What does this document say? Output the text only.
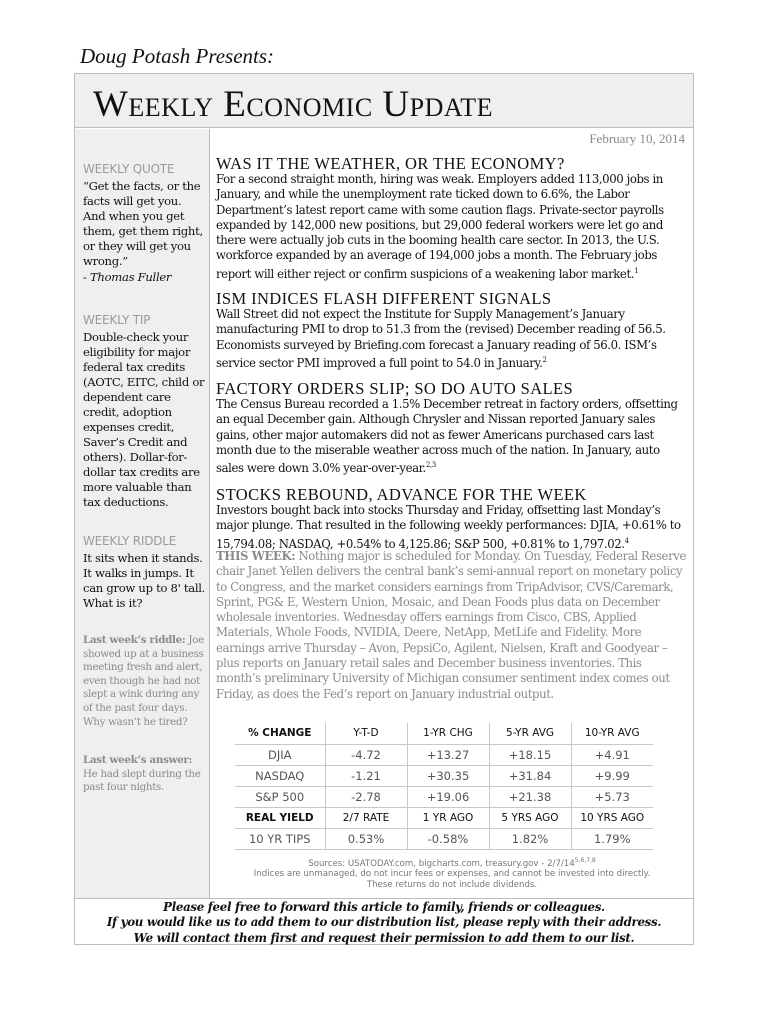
Doug Potash Presents:
Weekly Economic Update
WEEKLY QUOTE
“Get the facts, or the facts will get you. And when you get them, get them right, or they will get you wrong.”
- Thomas Fuller
WEEKLY TIP
Double-check your eligibility for major federal tax credits (AOTC, EITC, child or dependent care credit, adoption expenses credit, Saver’s Credit and others). Dollar-for-dollar tax credits are more valuable than tax deductions.
WEEKLY RIDDLE
It sits when it stands. It walks in jumps. It can grow up to 8' tall. What is it?
Last week’s riddle: Joe showed up at a business meeting fresh and alert, even though he had not slept a wink during any of the past four days. Why wasn’t he tired?
Last week’s answer: He had slept during the past four nights.
February 10, 2014
WAS IT THE WEATHER, OR THE ECONOMY?
For a second straight month, hiring was weak. Employers added 113,000 jobs in January, and while the unemployment rate ticked down to 6.6%, the Labor Department’s latest report came with some caution flags. Private-sector payrolls expanded by 142,000 new positions, but 29,000 federal workers were let go and there were actually job cuts in the booming health care sector. In 2013, the U.S. workforce expanded by an average of 194,000 jobs a month. The February jobs report will either reject or confirm suspicions of a weakening labor market.$^1$
ISM INDICES FLASH DIFFERENT SIGNALS
Wall Street did not expect the Institute for Supply Management’s January manufacturing PMI to drop to 51.3 from the (revised) December reading of 56.5. Economists surveyed by Briefing.com forecast a January reading of 56.0. ISM’s service sector PMI improved a full point to 54.0 in January.$^2$
FACTORY ORDERS SLIP; SO DO AUTO SALES
The Census Bureau recorded a 1.5% December retreat in factory orders, offsetting an equal December gain. Although Chrysler and Nissan reported January sales gains, other major automakers did not as fewer Americans purchased cars last month due to the miserable weather across much of the nation. In January, auto sales were down 3.0% year-over-year.$^{2,3}$
STOCKS REBOUND, ADVANCE FOR THE WEEK
Investors bought back into stocks Thursday and Friday, offsetting last Monday’s major plunge. That resulted in the following weekly performances: DJIA, +0.61% to 15,794.08; NASDAQ, +0.54% to 4,125.86; S&P 500, +0.81% to 1,797.02.$^4$
THIS WEEK: Nothing major is scheduled for Monday. On Tuesday, Federal Reserve chair Janet Yellen delivers the central bank’s semi-annual report on monetary policy to Congress, and the market considers earnings from TripAdvisor, CVS/Caremark, Sprint, PG& E, Western Union, Mosaic, and Dean Foods plus data on December wholesale inventories. Wednesday offers earnings from Cisco, CBS, Applied Materials, Whole Foods, NVIDIA, Deere, NetApp, MetLife and Fidelity. More earnings arrive Thursday – Avon, PepsiCo, Agilent, Nielsen, Kraft and Goodyear – plus reports on January retail sales and December business inventories. This month’s preliminary University of Michigan consumer sentiment index comes out Friday, as does the Fed’s report on January industrial output.
% CHANGE	Y-T-D	1-YR CHG	5-YR AVG	10-YR AVG
DJIA	-4.72	+13.27	+18.15	+4.91
NASDAQ	-1.21	+30.35	+31.84	+9.99
S&P 500	-2.78	+19.06	+21.38	+5.73
REAL YIELD	2/7 RATE	1 YR AGO	5 YRS AGO	10 YRS AGO
10 YR TIPS	0.53%	-0.58%	1.82%	1.79%
Sources: USATODAY.com, bigcharts.com, treasury.gov - 2/7/14$^{5,6,7,8}$
Indices are unmanaged, do not incur fees or expenses, and cannot be invested into directly.
These returns do not include dividends.
Please feel free to forward this article to family, friends or colleagues.
If you would like us to add them to our distribution list, please reply with their address.
We will contact them first and request their permission to add them to our list.
